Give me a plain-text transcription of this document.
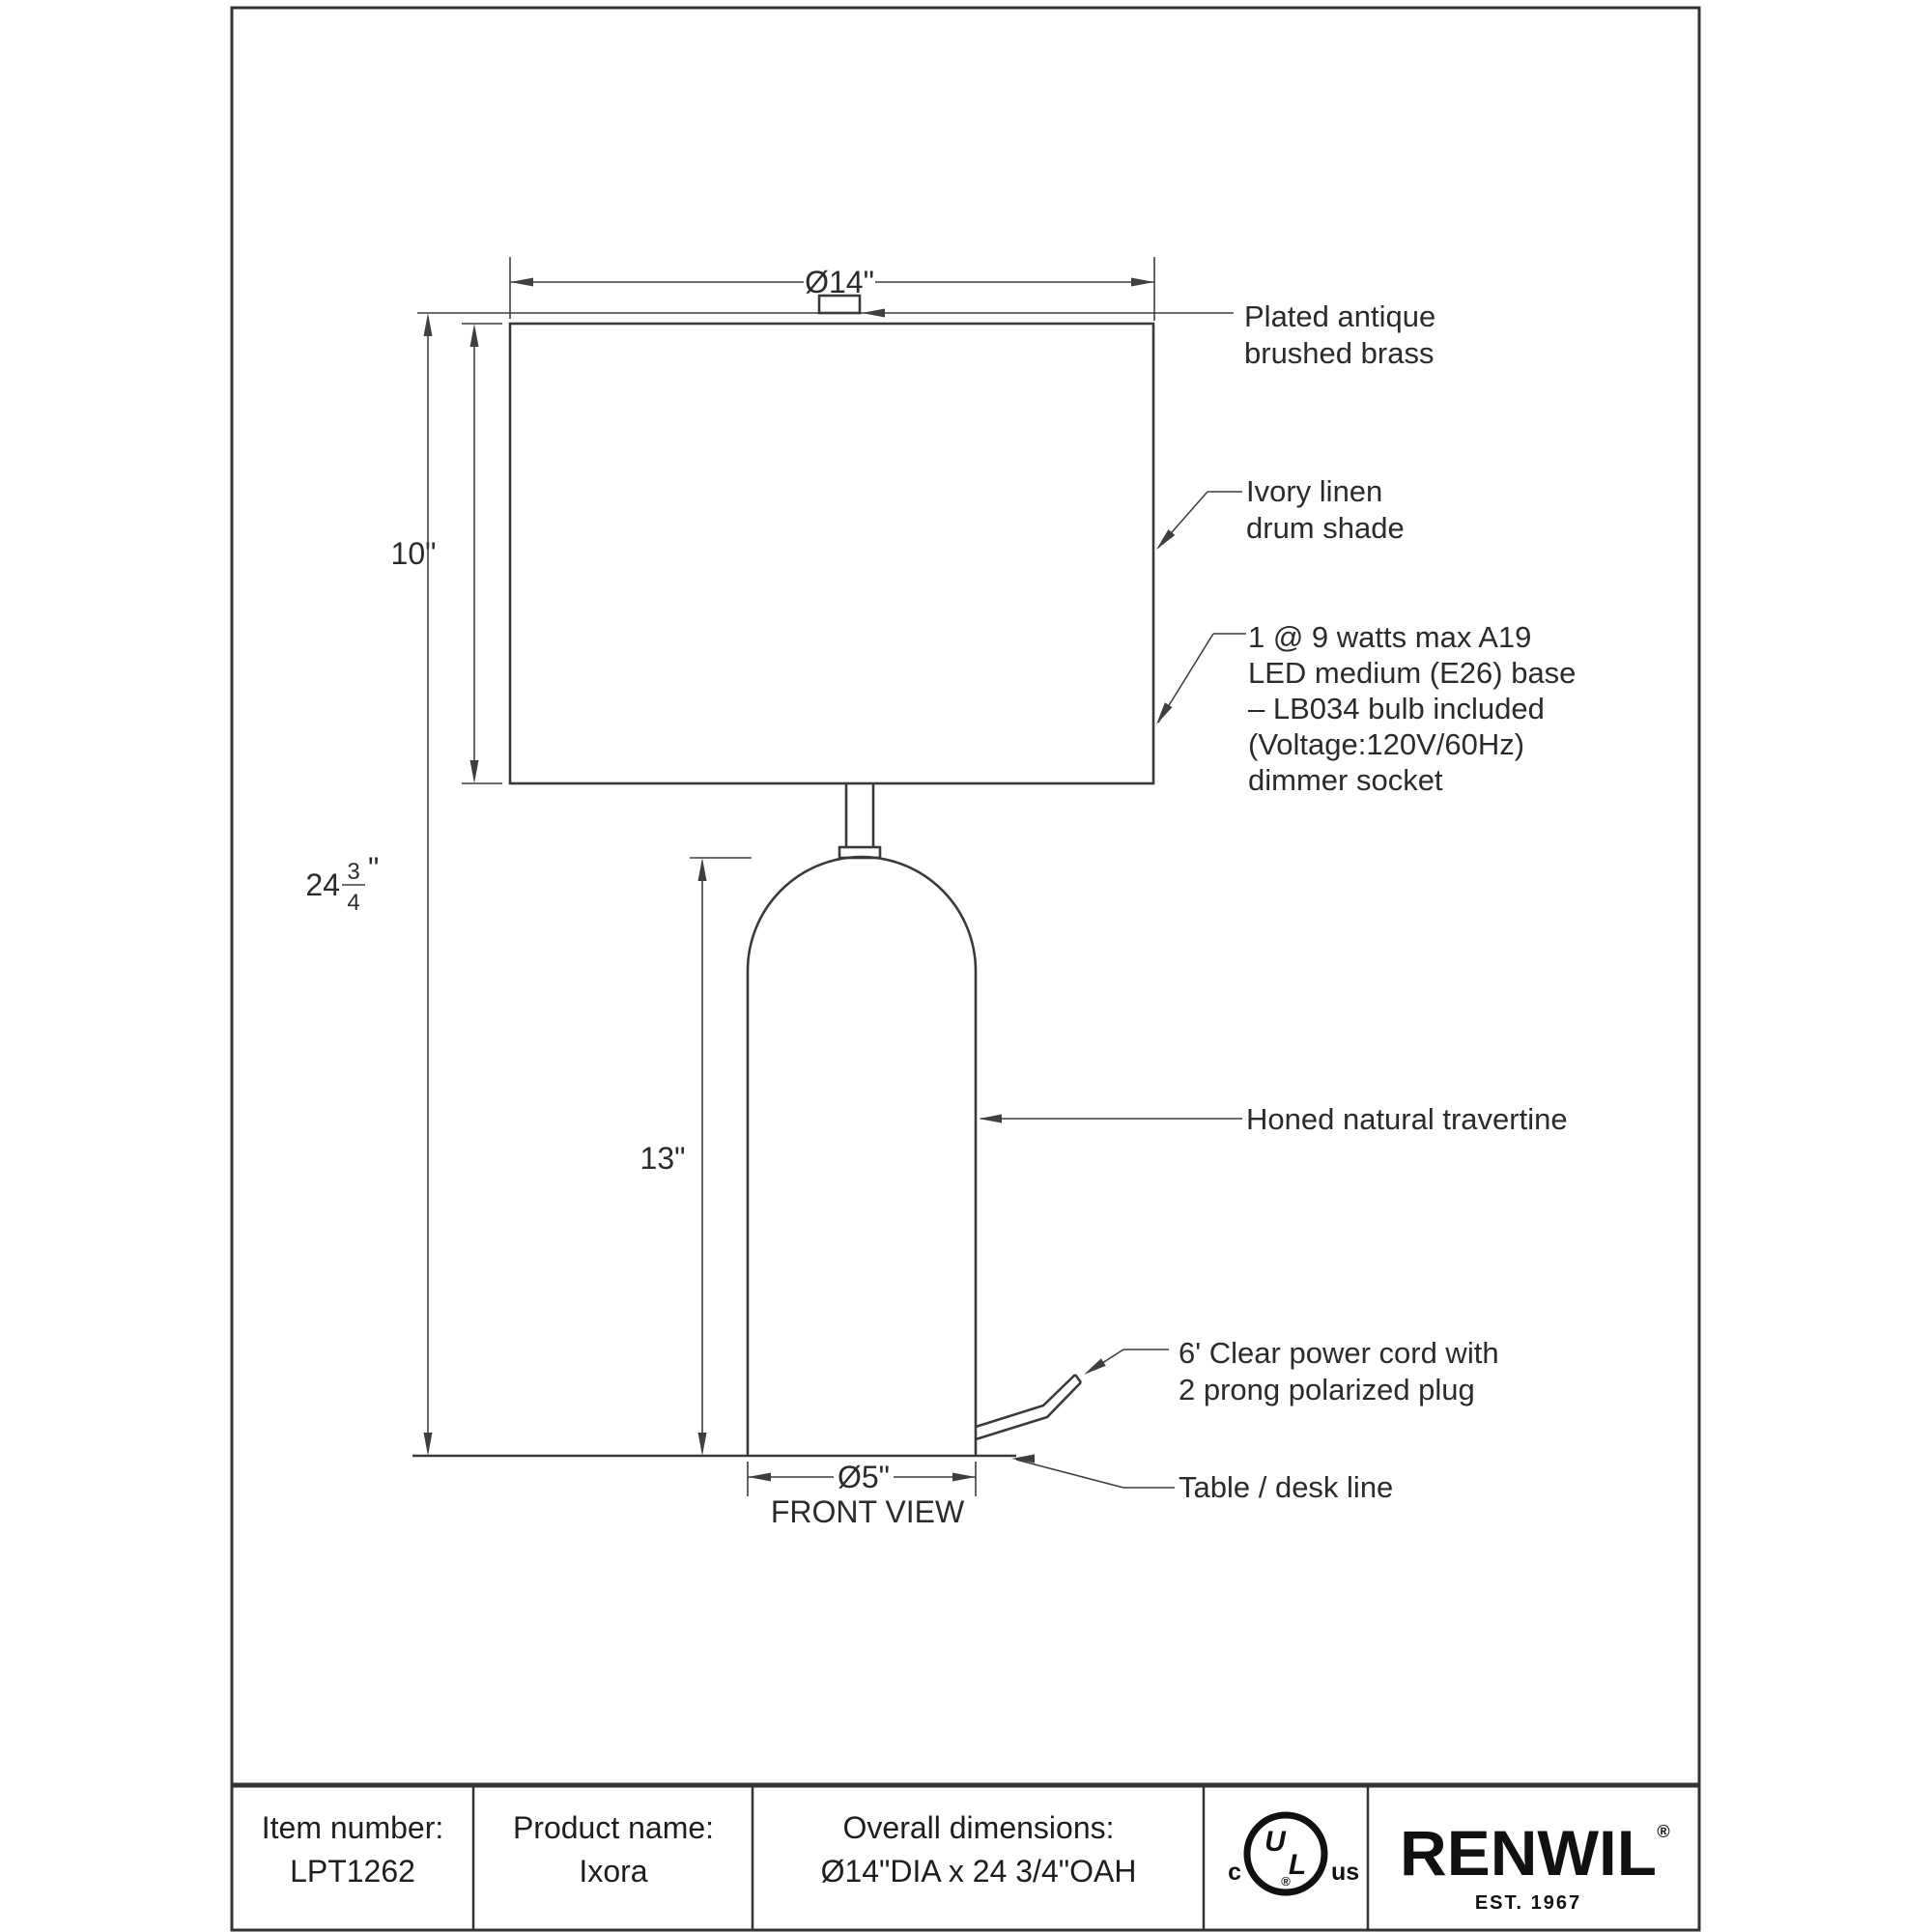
Ø14"
10"
24 3
4
"
13"
Ø5"
FRONT VIEW
Plated antique
brushed brass
Ivory linen
drum shade
1 @ 9 watts max A19
LED medium (E26) base
– LB034 bulb included
(Voltage:120V/60Hz)
dimmer socket
Honed natural travertine
6' Clear power cord with
2 prong polarized plug
Table / desk line
Item number:
LPT1262
Product name:
Ixora
Overall dimensions:
Ø14"DIA x 24 3/4"OAH
U
L
®
c	us RENWIL ®
EST. 1967
